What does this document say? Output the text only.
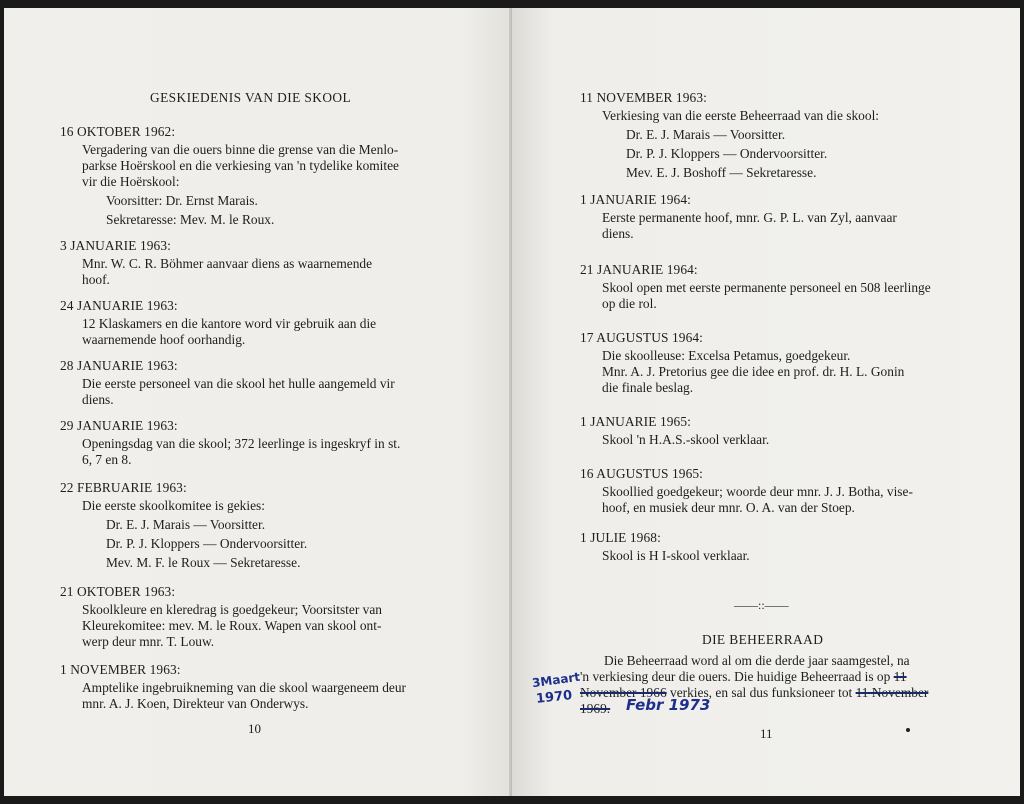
GESKIEDENIS VAN DIE SKOOL
16 OKTOBER 1962:
Vergadering van die ouers binne die grense van die Menlo-
parkse Hoërskool en die verkiesing van 'n tydelike komitee
vir die Hoërskool:
Voorsitter: Dr. Ernst Marais.
Sekretaresse: Mev. M. le Roux.
3 JANUARIE 1963:
Mnr. W. C. R. Böhmer aanvaar diens as waarnemende
hoof.
24 JANUARIE 1963:
12 Klaskamers en die kantore word vir gebruik aan die
waarnemende hoof oorhandig.
28 JANUARIE 1963:
Die eerste personeel van die skool het hulle aangemeld vir
diens.
29 JANUARIE 1963:
Openingsdag van die skool; 372 leerlinge is ingeskryf in st.
6, 7 en 8.
22 FEBRUARIE 1963:
Die eerste skoolkomitee is gekies:
Dr. E. J. Marais — Voorsitter.
Dr. P. J. Kloppers — Ondervoorsitter.
Mev. M. F. le Roux — Sekretaresse.
21 OKTOBER 1963:
Skoolkleure en kleredrag is goedgekeur; Voorsitster van
Kleurekomitee: mev. M. le Roux. Wapen van skool ont-
werp deur mnr. T. Louw.
1 NOVEMBER 1963:
Amptelike ingebruikneming van die skool waargeneem deur
mnr. A. J. Koen, Direkteur van Onderwys.
10
11 NOVEMBER 1963:
Verkiesing van die eerste Beheerraad van die skool:
Dr. E. J. Marais — Voorsitter.
Dr. P. J. Kloppers — Ondervoorsitter.
Mev. E. J. Boshoff — Sekretaresse.
1 JANUARIE 1964:
Eerste permanente hoof, mnr. G. P. L. van Zyl, aanvaar
diens.
21 JANUARIE 1964:
Skool open met eerste permanente personeel en 508 leerlinge
op die rol.
17 AUGUSTUS 1964:
Die skoolleuse: Excelsa Petamus, goedgekeur.
Mnr. A. J. Pretorius gee die idee en prof. dr. H. L. Gonin
die finale beslag.
1 JANUARIE 1965:
Skool 'n H.A.S.-skool verklaar.
16 AUGUSTUS 1965:
Skoollied goedgekeur; woorde deur mnr. J. J. Botha, vise-
hoof, en musiek deur mnr. O. A. van der Stoep.
1 JULIE 1968:
Skool is H I-skool verklaar.
——::——
DIE BEHEERRAAD
Die Beheerraad word al om die derde jaar saamgestel, na
'n verkiesing deur die ouers. Die huidige Beheerraad is op 11
November 1966 verkies, en sal dus funksioneer tot 11 November
1969.
3Maart
1970	Febr 1973
11
